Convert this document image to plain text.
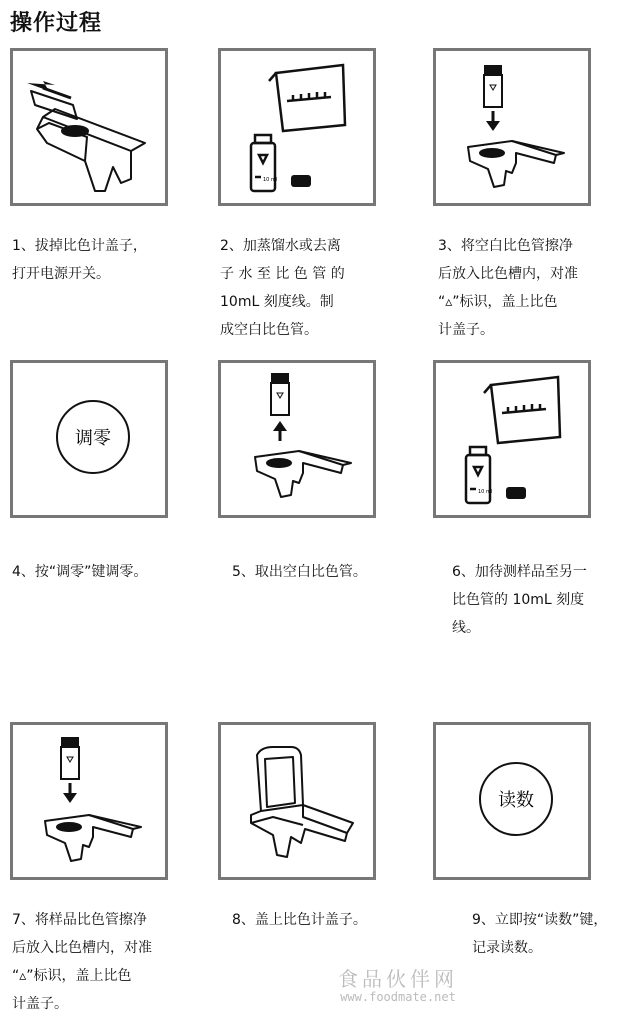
操作过程
10 ml
1、拔掉比色计盖子，
打开电源开关。
2、加蒸馏水或去离
子 水 至 比 色 管 的
10mL 刻度线。制
成空白比色管。
3、将空白比色管擦净
后放入比色槽内，对准
“▵”标识，盖上比色
计盖子。
调零
10 ml
4、按“调零”键调零。	5、取出空白比色管。	6、加待测样品至另一
比色管的 10mL 刻度
线。
读数
7、将样品比色管擦净
后放入比色槽内，对准
“▵”标识，盖上比色
计盖子。
8、盖上比色计盖子。	9、立即按“读数”键，
记录读数。
食品伙伴网
www.foodmate.net
